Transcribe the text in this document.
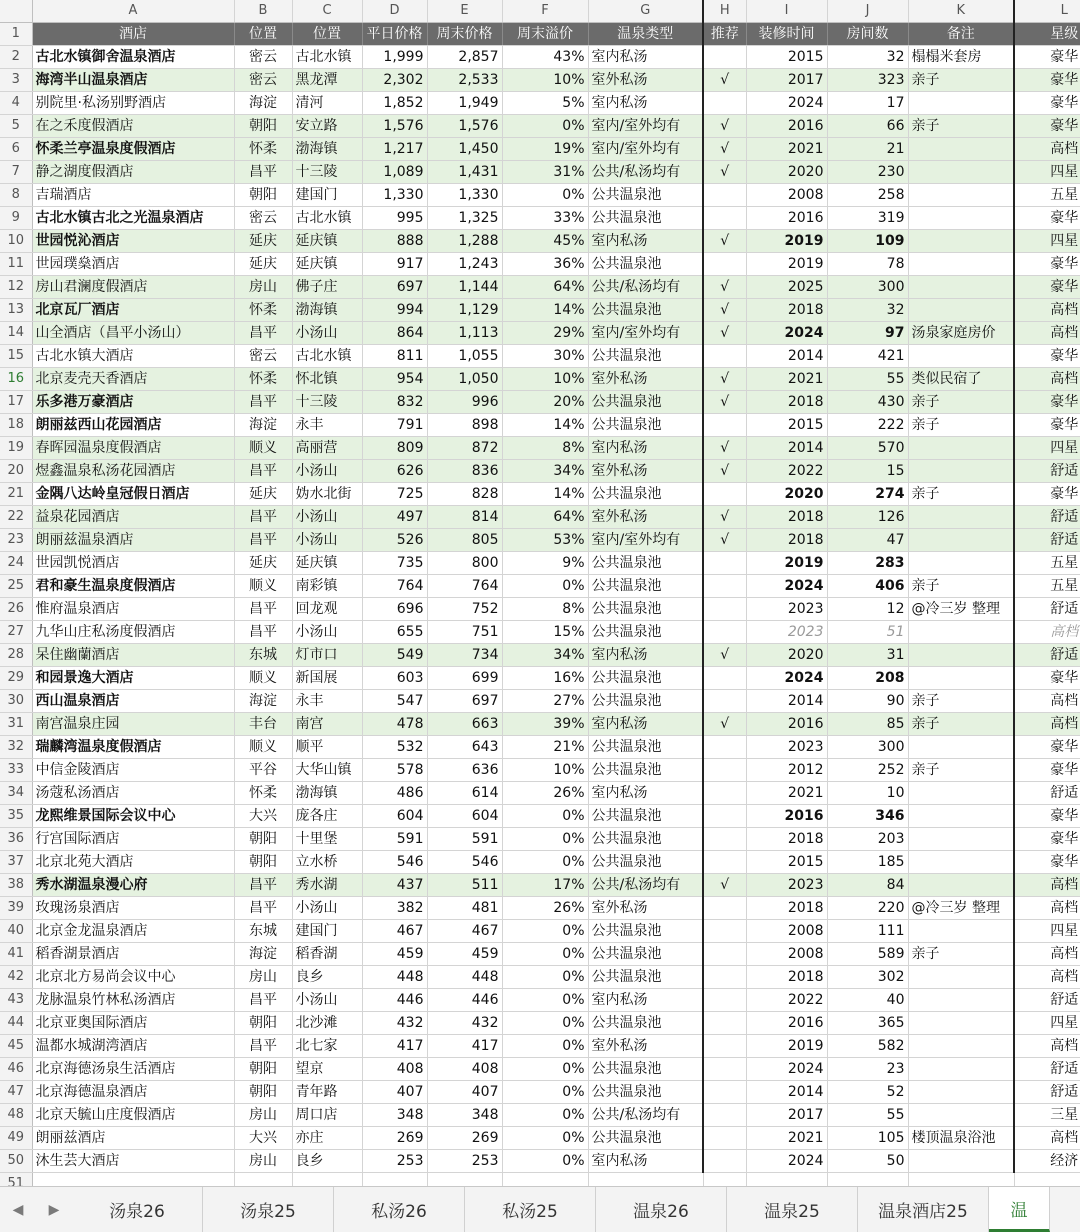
	A	B	C	D	E	F	G	H	I	J	K	L
1	酒店	位置	位置	平日价格	周末价格	周末溢价	温泉类型	推荐	装修时间	房间数	备注	星级
2	古北水镇御舍温泉酒店	密云	古北水镇	1,999	2,857	43%	室内私汤		2015	32	榻榻米套房	豪华
3	海湾半山温泉酒店	密云	黑龙潭	2,302	2,533	10%	室外私汤	√	2017	323	亲子	豪华
4	别院里·私汤别野酒店	海淀	清河	1,852	1,949	5%	室内私汤		2024	17		豪华
5	在之禾度假酒店	朝阳	安立路	1,576	1,576	0%	室内/室外均有	√	2016	66	亲子	豪华
6	怀柔兰亭温泉度假酒店	怀柔	渤海镇	1,217	1,450	19%	室内/室外均有	√	2021	21		高档
7	静之湖度假酒店	昌平	十三陵	1,089	1,431	31%	公共/私汤均有	√	2020	230		四星
8	吉瑞酒店	朝阳	建国门	1,330	1,330	0%	公共温泉池		2008	258		五星
9	古北水镇古北之光温泉酒店	密云	古北水镇	995	1,325	33%	公共温泉池		2016	319		豪华
10	世园悦沁酒店	延庆	延庆镇	888	1,288	45%	室内私汤	√	2019	109		四星
11	世园璞燊酒店	延庆	延庆镇	917	1,243	36%	公共温泉池		2019	78		豪华
12	房山君澜度假酒店	房山	佛子庄	697	1,144	64%	公共/私汤均有	√	2025	300		豪华
13	北京瓦厂酒店	怀柔	渤海镇	994	1,129	14%	公共温泉池	√	2018	32		高档
14	山全酒店（昌平小汤山）	昌平	小汤山	864	1,113	29%	室内/室外均有	√	2024	97	汤泉家庭房价	高档
15	古北水镇大酒店	密云	古北水镇	811	1,055	30%	公共温泉池		2014	421		豪华
16	北京麦壳天香酒店	怀柔	怀北镇	954	1,050	10%	室外私汤	√	2021	55	类似民宿了	高档
17	乐多港万豪酒店	昌平	十三陵	832	996	20%	公共温泉池	√	2018	430	亲子	豪华
18	朗丽兹西山花园酒店	海淀	永丰	791	898	14%	公共温泉池		2015	222	亲子	豪华
19	春晖园温泉度假酒店	顺义	高丽营	809	872	8%	室内私汤	√	2014	570		四星
20	煜鑫温泉私汤花园酒店	昌平	小汤山	626	836	34%	室外私汤	√	2022	15		舒适
21	金隅八达岭皇冠假日酒店	延庆	妫水北街	725	828	14%	公共温泉池		2020	274	亲子	豪华
22	益泉花园酒店	昌平	小汤山	497	814	64%	室外私汤	√	2018	126		舒适
23	朗丽兹温泉酒店	昌平	小汤山	526	805	53%	室内/室外均有	√	2018	47		舒适
24	世园凯悦酒店	延庆	延庆镇	735	800	9%	公共温泉池		2019	283		五星
25	君和豪生温泉度假酒店	顺义	南彩镇	764	764	0%	公共温泉池		2024	406	亲子	五星
26	惟府温泉酒店	昌平	回龙观	696	752	8%	公共温泉池		2023	12	@冷三岁 整理	舒适
27	九华山庄私汤度假酒店	昌平	小汤山	655	751	15%	公共温泉池		2023	51		高档
28	呆住幽蘭酒店	东城	灯市口	549	734	34%	室内私汤	√	2020	31		舒适
29	和园景逸大酒店	顺义	新国展	603	699	16%	公共温泉池		2024	208		豪华
30	西山温泉酒店	海淀	永丰	547	697	27%	公共温泉池		2014	90	亲子	高档
31	南宫温泉庄园	丰台	南宫	478	663	39%	室内私汤	√	2016	85	亲子	高档
32	瑞麟湾温泉度假酒店	顺义	顺平	532	643	21%	公共温泉池		2023	300		豪华
33	中信金陵酒店	平谷	大华山镇	578	636	10%	公共温泉池		2012	252	亲子	豪华
34	汤蔻私汤酒店	怀柔	渤海镇	486	614	26%	室内私汤		2021	10		舒适
35	龙熙维景国际会议中心	大兴	庞各庄	604	604	0%	公共温泉池		2016	346		豪华
36	行宫国际酒店	朝阳	十里堡	591	591	0%	公共温泉池		2018	203		豪华
37	北京北苑大酒店	朝阳	立水桥	546	546	0%	公共温泉池		2015	185		豪华
38	秀水湖温泉漫心府	昌平	秀水湖	437	511	17%	公共/私汤均有	√	2023	84		高档
39	玫瑰汤泉酒店	昌平	小汤山	382	481	26%	室外私汤		2018	220	@冷三岁 整理	高档
40	北京金龙温泉酒店	东城	建国门	467	467	0%	公共温泉池		2008	111		四星
41	稻香湖景酒店	海淀	稻香湖	459	459	0%	公共温泉池		2008	589	亲子	高档
42	北京北方易尚会议中心	房山	良乡	448	448	0%	公共温泉池		2018	302		高档
43	龙脉温泉竹林私汤酒店	昌平	小汤山	446	446	0%	室内私汤		2022	40		舒适
44	北京亚奥国际酒店	朝阳	北沙滩	432	432	0%	公共温泉池		2016	365		四星
45	温都水城湖湾酒店	昌平	北七家	417	417	0%	室外私汤		2019	582		高档
46	北京海德汤泉生活酒店	朝阳	望京	408	408	0%	公共温泉池		2024	23		舒适
47	北京海德温泉酒店	朝阳	青年路	407	407	0%	公共温泉池		2014	52		舒适
48	北京天毓山庄度假酒店	房山	周口店	348	348	0%	公共/私汤均有		2017	55		三星
49	朗丽兹酒店	大兴	亦庄	269	269	0%	公共温泉池		2021	105	楼顶温泉浴池	高档
50	沐生芸大酒店	房山	良乡	253	253	0%	室内私汤		2024	50		经济
51												
◀	▶	汤泉26	汤泉25	私汤26	私汤25	温泉26	温泉25	温泉酒店25	温
